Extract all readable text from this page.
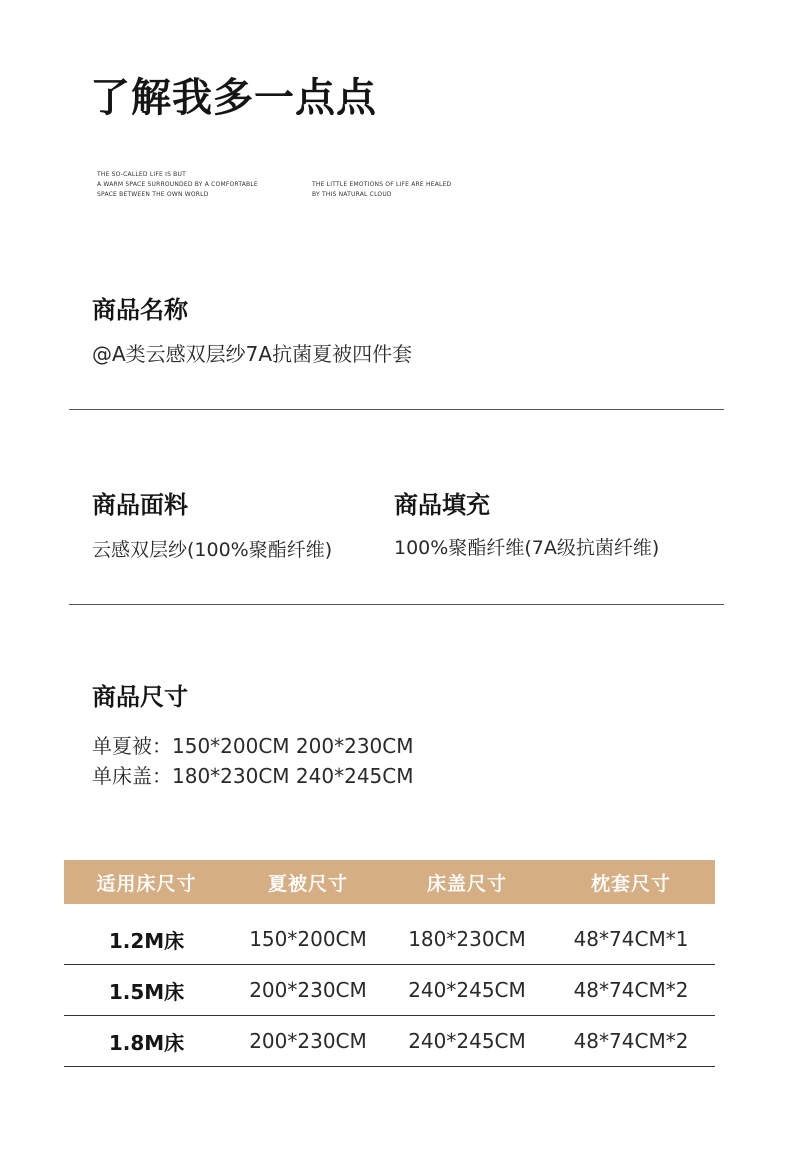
了解我多一点点
THE SO-CALLED LIFE IS BUT
A WARM SPACE SURROUNDED BY A COMFORTABLE
SPACE BETWEEN THE OWN WORLD
THE LITTLE EMOTIONS OF LIFE ARE HEALED
BY THIS NATURAL CLOUD
商品名称
@A类云感双层纱7A抗菌夏被四件套
商品面料
云感双层纱(100%聚酯纤维)
商品填充
100%聚酯纤维(7A级抗菌纤维)
商品尺寸
单夏被：150*200CM 200*230CM
单床盖：180*230CM 240*245CM
适用床尺寸	夏被尺寸	床盖尺寸	枕套尺寸
1.2M床	150*200CM	180*230CM	48*74CM*1
1.5M床	200*230CM	240*245CM	48*74CM*2
1.8M床	200*230CM	240*245CM	48*74CM*2
